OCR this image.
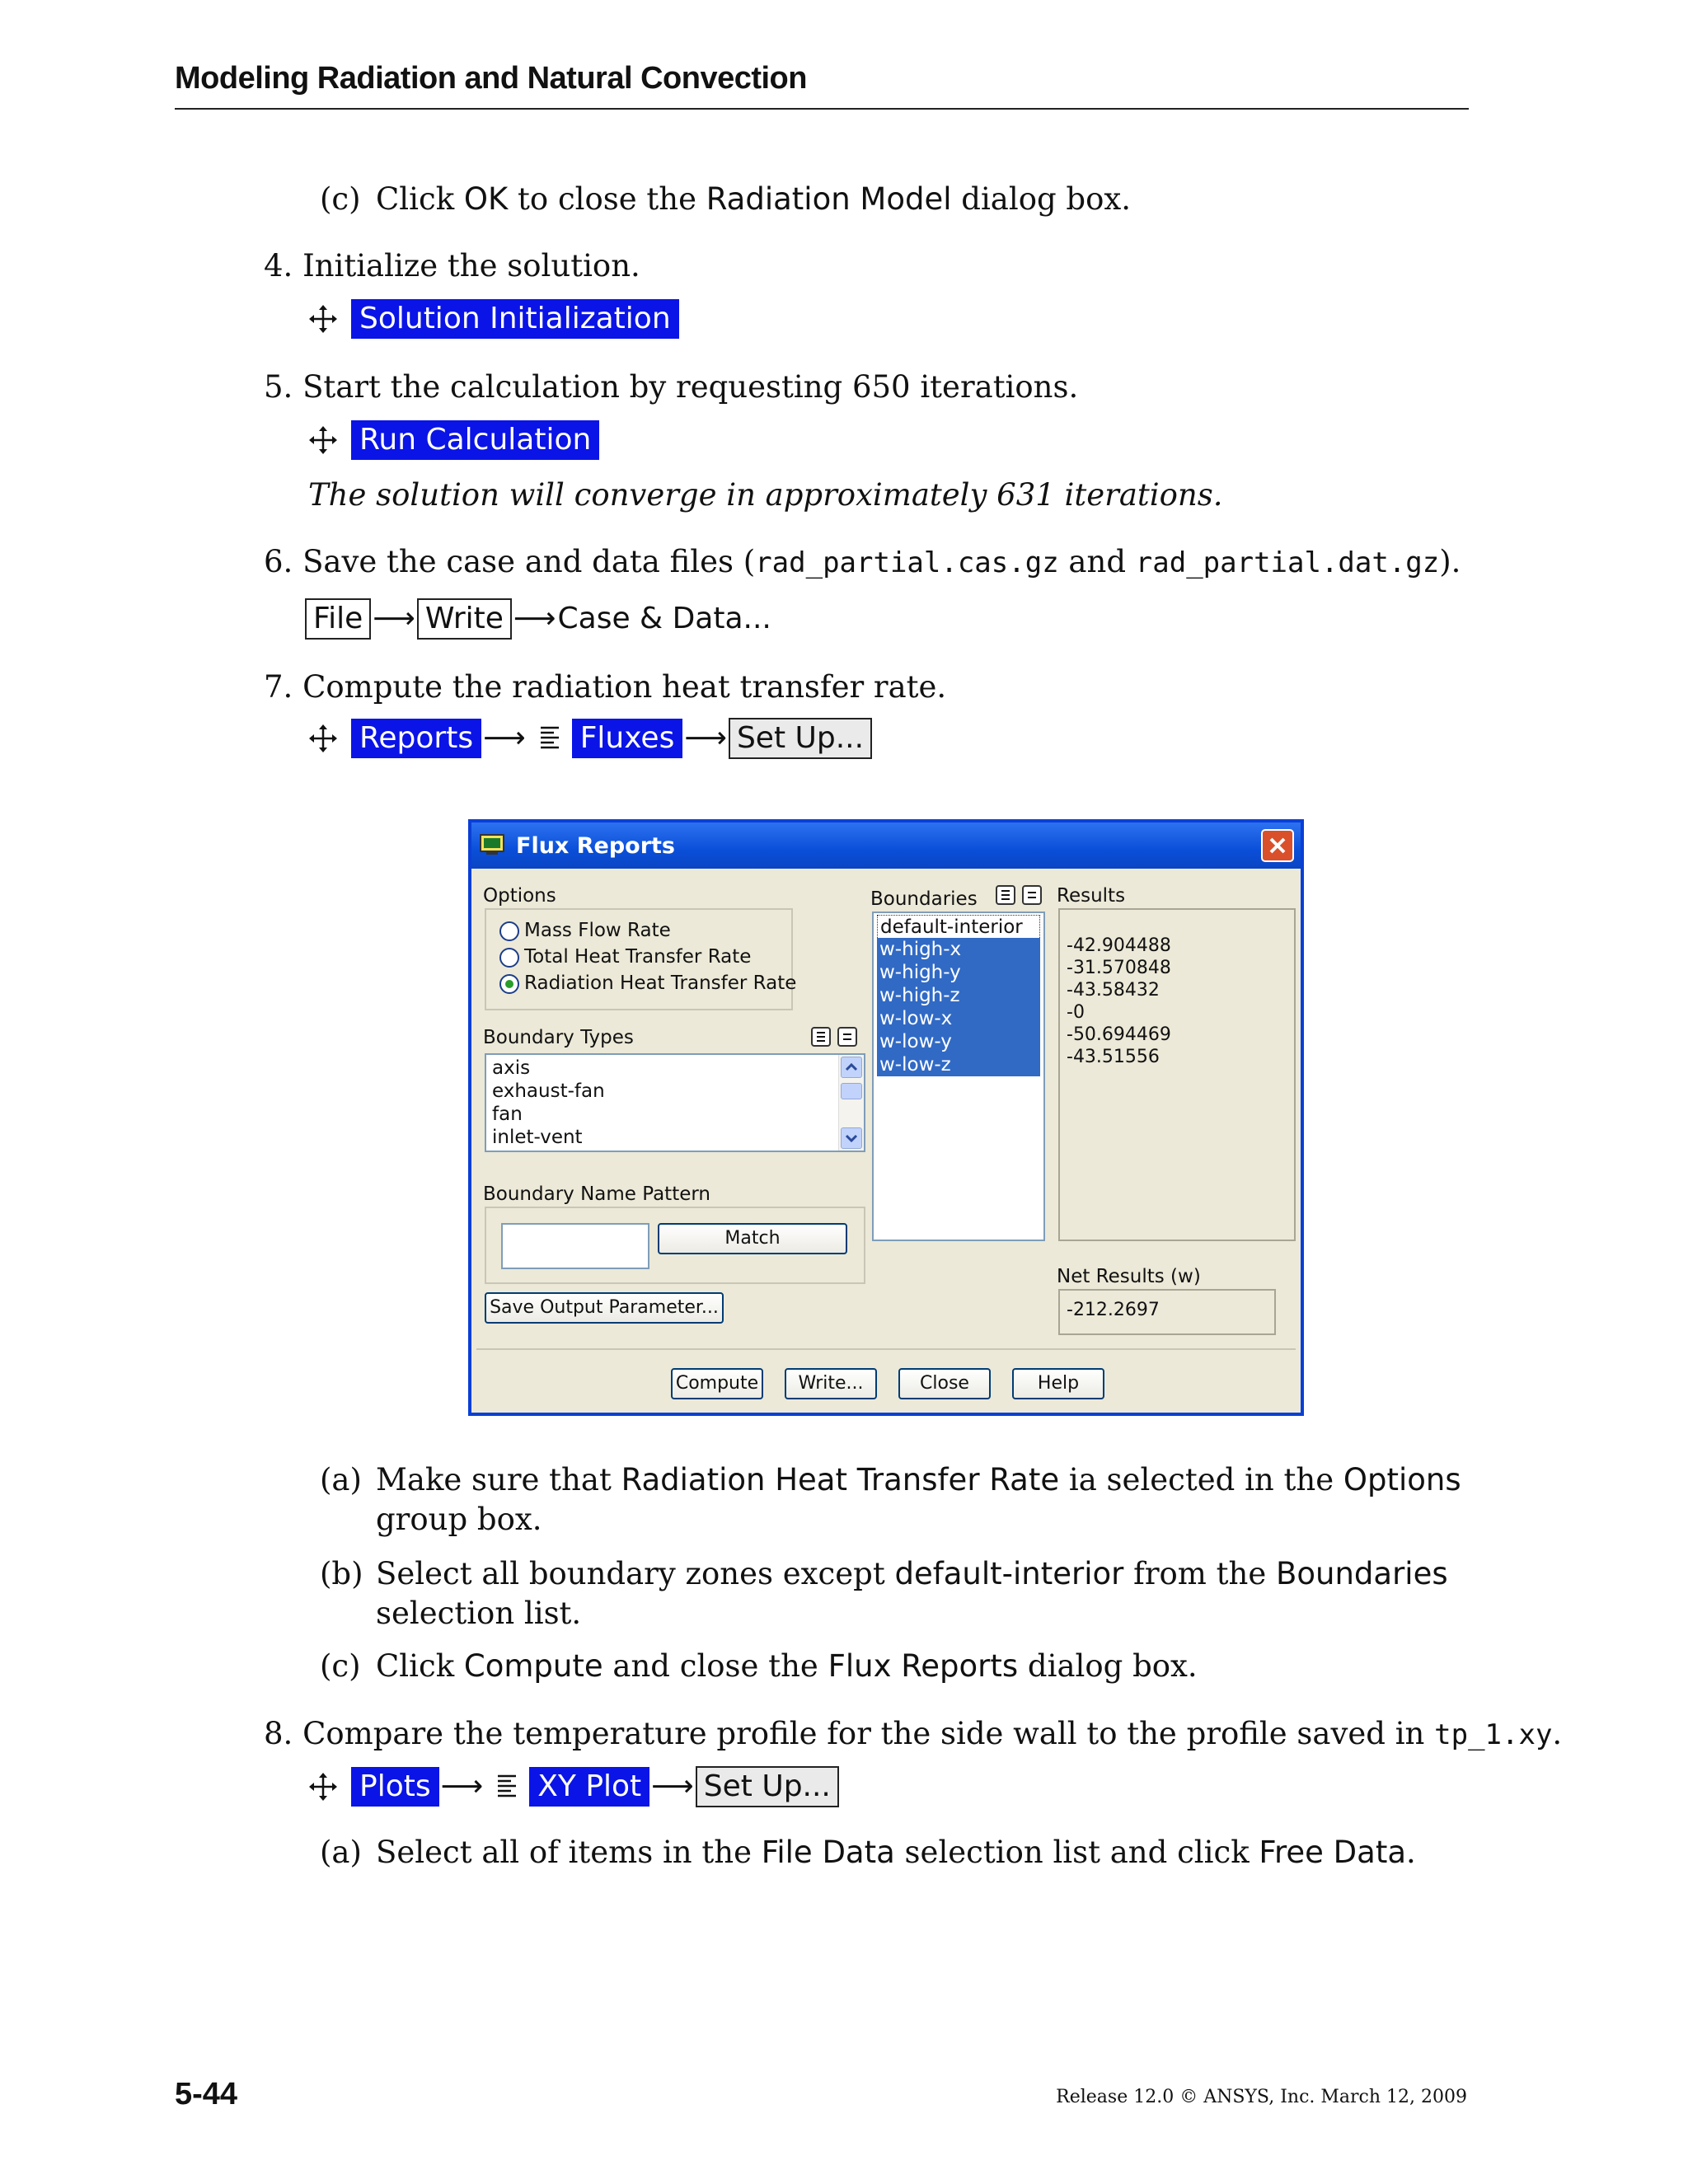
Modeling Radiation and Natural Convection
(c) Click OK to close the Radiation Model dialog box.
4. Initialize the solution.
Solution Initialization
5. Start the calculation by requesting 650 iterations.
Run Calculation
The solution will converge in approximately 631 iterations.
6. Save the case and data files (rad_partial.cas.gz and rad_partial.dat.gz).
File ⟶ Write ⟶ Case & Data...
7. Compute the radiation heat transfer rate.
Reports ⟶ Fluxes ⟶ Set Up...
Flux Reports
Options
Mass Flow Rate
Total Heat Transfer Rate
Radiation Heat Transfer Rate
Boundary Types
axis
exhaust-fan
fan
inlet-vent
Boundary Name Pattern
Match
Save Output Parameter...
Boundaries
default-interior
w-high-x
w-high-y
w-high-z
w-low-x
w-low-y
w-low-z
Results
-42.904488
-31.570848
-43.58432
-0
-50.694469
-43.51556
Net Results (w)
-212.2697
Compute	Write...	Close	Help
(a) Make sure that Radiation Heat Transfer Rate ia selected in the Options group box.
(b) Select all boundary zones except default-interior from the Boundaries selection list.
(c) Click Compute and close the Flux Reports dialog box.
8. Compare the temperature profile for the side wall to the profile saved in tp_1.xy.
Plots ⟶ XY Plot ⟶ Set Up...
(a) Select all of items in the File Data selection list and click Free Data.
5-44	Release 12.0 © ANSYS, Inc. March 12, 2009
